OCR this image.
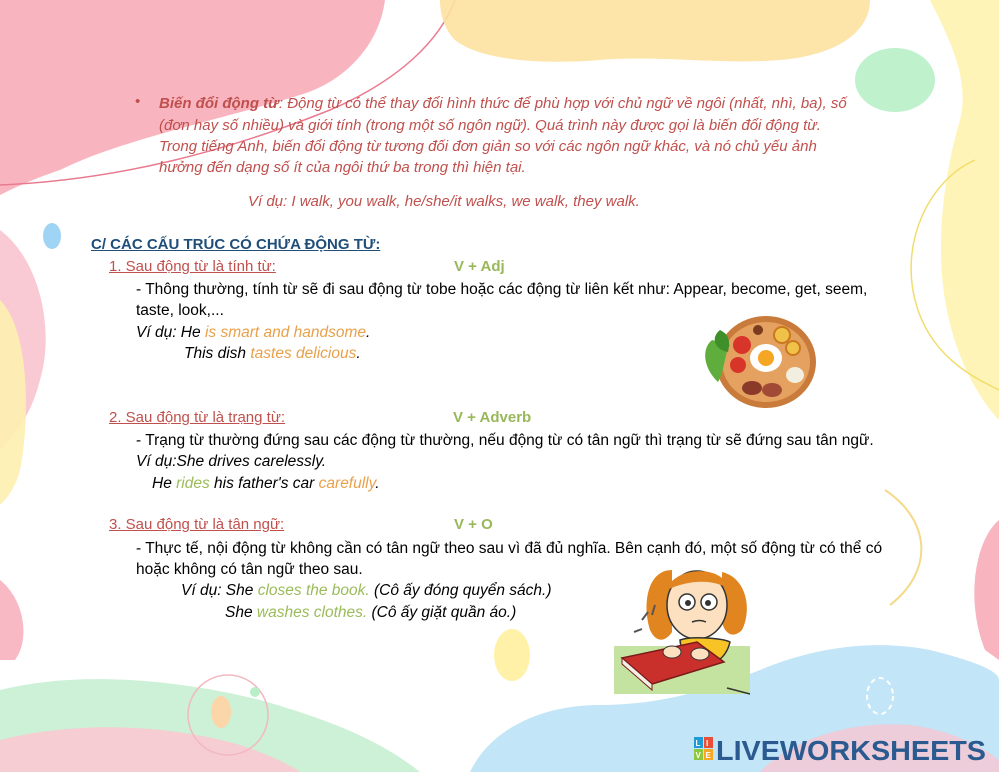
• Biến đổi động từ: Động từ có thể thay đổi hình thức để phù hợp với chủ ngữ về ngôi (nhất, nhì, ba), số
(đơn hay số nhiều) và giới tính (trong một số ngôn ngữ). Quá trình này được gọi là biến đổi động từ.
Trong tiếng Anh, biến đổi động từ tương đối đơn giản so với các ngôn ngữ khác, và nó chủ yếu ảnh
hưởng đến dạng số ít của ngôi thứ ba trong thì hiện tại.
Ví dụ: I walk, you walk, he/she/it walks, we walk, they walk.
C/ CÁC CẤU TRÚC CÓ CHỨA ĐỘNG TỪ:
1. Sau động từ là tính từ:	V + Adj
- Thông thường, tính từ sẽ đi sau động từ tobe hoặc các động từ liên kết như: Appear, become, get, seem,
taste, look,...
Ví dụ: He is smart and handsome.
This dish tastes delicious.
2. Sau động từ là trạng từ:	V + Adverb
- Trạng từ thường đứng sau các động từ thường, nếu động từ có tân ngữ thì trạng từ sẽ đứng sau tân ngữ.
Ví dụ:She drives carelessly.
He rides his father's car carefully.
3. Sau động từ là tân ngữ:	V + O
- Thực tế, nội động từ không cần có tân ngữ theo sau vì đã đủ nghĩa. Bên cạnh đó, một số động từ có thể có
hoặc không có tân ngữ theo sau.
Ví dụ: She closes the book. (Cô ấy đóng quyển sách.)
She washes clothes. (Cô ấy giặt quần áo.)
L I
V E LIVEWORKSHEETS
